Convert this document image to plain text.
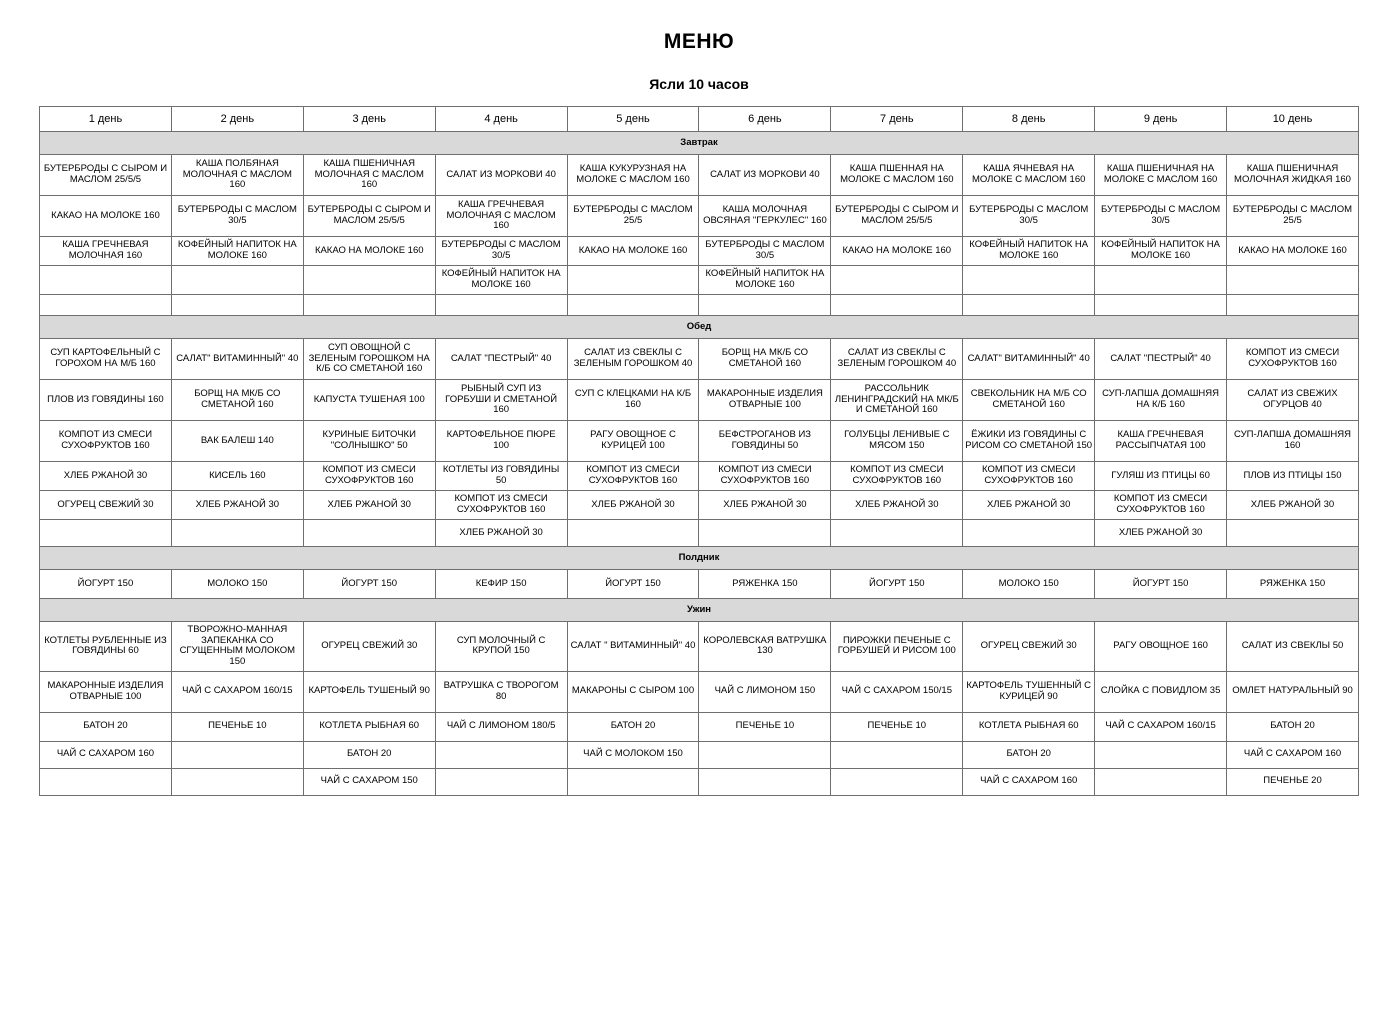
МЕНЮ
Ясли 10 часов
1 день	2 день	3 день	4 день	5 день	6 день	7 день	8 день	9 день	10 день
Завтрак									
БУТЕРБРОДЫ С СЫРОМ И МАСЛОМ 25/5/5	КАША ПОЛБЯНАЯ МОЛОЧНАЯ С МАСЛОМ 160	КАША ПШЕНИЧНАЯ МОЛОЧНАЯ С МАСЛОМ 160	САЛАТ ИЗ МОРКОВИ 40	КАША КУКУРУЗНАЯ НА МОЛОКЕ С МАСЛОМ 160	САЛАТ ИЗ МОРКОВИ 40	КАША ПШЕННАЯ НА МОЛОКЕ С МАСЛОМ 160	КАША ЯЧНЕВАЯ НА МОЛОКЕ С МАСЛОМ 160	КАША ПШЕНИЧНАЯ НА МОЛОКЕ С МАСЛОМ 160	КАША ПШЕНИЧНАЯ МОЛОЧНАЯ ЖИДКАЯ 160
КАКАО НА МОЛОКЕ 160	БУТЕРБРОДЫ С МАСЛОМ 30/5	БУТЕРБРОДЫ С СЫРОМ И МАСЛОМ 25/5/5	КАША ГРЕЧНЕВАЯ МОЛОЧНАЯ С МАСЛОМ 160	БУТЕРБРОДЫ С МАСЛОМ 25/5	КАША МОЛОЧНАЯ ОВСЯНАЯ "ГЕРКУЛЕС" 160	БУТЕРБРОДЫ С СЫРОМ И МАСЛОМ 25/5/5	БУТЕРБРОДЫ С МАСЛОМ 30/5	БУТЕРБРОДЫ С МАСЛОМ 30/5	БУТЕРБРОДЫ С МАСЛОМ 25/5
КАША ГРЕЧНЕВАЯ МОЛОЧНАЯ 160	КОФЕЙНЫЙ НАПИТОК НА МОЛОКЕ 160	КАКАО НА МОЛОКЕ 160	БУТЕРБРОДЫ С МАСЛОМ 30/5	КАКАО НА МОЛОКЕ 160	БУТЕРБРОДЫ С МАСЛОМ 30/5	КАКАО НА МОЛОКЕ 160	КОФЕЙНЫЙ НАПИТОК НА МОЛОКЕ 160	КОФЕЙНЫЙ НАПИТОК НА МОЛОКЕ 160	КАКАО НА МОЛОКЕ 160
			КОФЕЙНЫЙ НАПИТОК НА МОЛОКЕ 160		КОФЕЙНЫЙ НАПИТОК НА МОЛОКЕ 160				

Обед									
СУП КАРТОФЕЛЬНЫЙ С ГОРОХОМ НА М/Б 160	САЛАТ" ВИТАМИННЫЙ" 40	СУП ОВОЩНОЙ С ЗЕЛЕНЫМ ГОРОШКОМ НА К/Б СО СМЕТАНОЙ 160	САЛАТ "ПЕСТРЫЙ" 40	САЛАТ ИЗ СВЕКЛЫ С ЗЕЛЕНЫМ ГОРОШКОМ 40	БОРЩ НА МК/Б СО СМЕТАНОЙ 160	САЛАТ ИЗ СВЕКЛЫ С ЗЕЛЕНЫМ ГОРОШКОМ 40	САЛАТ" ВИТАМИННЫЙ" 40	САЛАТ "ПЕСТРЫЙ" 40	КОМПОТ ИЗ СМЕСИ СУХОФРУКТОВ 160
ПЛОВ ИЗ ГОВЯДИНЫ 160	БОРЩ НА МК/Б СО СМЕТАНОЙ 160	КАПУСТА ТУШЕНАЯ 100	РЫБНЫЙ СУП ИЗ ГОРБУШИ И СМЕТАНОЙ 160	СУП С КЛЕЦКАМИ НА К/Б 160	МАКАРОННЫЕ ИЗДЕЛИЯ ОТВАРНЫЕ 100	РАССОЛЬНИК ЛЕНИНГРАДСКИЙ НА МК/Б И СМЕТАНОЙ 160	СВЕКОЛЬНИК НА М/Б СО СМЕТАНОЙ 160	СУП-ЛАПША ДОМАШНЯЯ НА К/Б 160	САЛАТ ИЗ СВЕЖИХ ОГУРЦОВ 40
КОМПОТ ИЗ СМЕСИ СУХОФРУКТОВ 160	ВАК БАЛЕШ 140	КУРИНЫЕ БИТОЧКИ "СОЛНЫШКО" 50	КАРТОФЕЛЬНОЕ ПЮРЕ 100	РАГУ ОВОЩНОЕ С КУРИЦЕЙ 100	БЕФСТРОГАНОВ ИЗ ГОВЯДИНЫ 50	ГОЛУБЦЫ ЛЕНИВЫЕ С МЯСОМ 150	ЁЖИКИ ИЗ ГОВЯДИНЫ С РИСОМ СО СМЕТАНОЙ 150	КАША ГРЕЧНЕВАЯ РАССЫПЧАТАЯ 100	СУП-ЛАПША ДОМАШНЯЯ 160
ХЛЕБ РЖАНОЙ 30	КИСЕЛЬ 160	КОМПОТ ИЗ СМЕСИ СУХОФРУКТОВ 160	КОТЛЕТЫ ИЗ ГОВЯДИНЫ 50	КОМПОТ ИЗ СМЕСИ СУХОФРУКТОВ 160	КОМПОТ ИЗ СМЕСИ СУХОФРУКТОВ 160	КОМПОТ ИЗ СМЕСИ СУХОФРУКТОВ 160	КОМПОТ ИЗ СМЕСИ СУХОФРУКТОВ 160	ГУЛЯШ ИЗ ПТИЦЫ 60	ПЛОВ ИЗ ПТИЦЫ 150
ОГУРЕЦ СВЕЖИЙ 30	ХЛЕБ РЖАНОЙ 30	ХЛЕБ РЖАНОЙ 30	КОМПОТ ИЗ СМЕСИ СУХОФРУКТОВ 160	ХЛЕБ РЖАНОЙ 30	ХЛЕБ РЖАНОЙ 30	ХЛЕБ РЖАНОЙ 30	ХЛЕБ РЖАНОЙ 30	КОМПОТ ИЗ СМЕСИ СУХОФРУКТОВ 160	ХЛЕБ РЖАНОЙ 30
			ХЛЕБ РЖАНОЙ 30					ХЛЕБ РЖАНОЙ 30	
Полдник									
ЙОГУРТ 150	МОЛОКО 150	ЙОГУРТ 150	КЕФИР 150	ЙОГУРТ 150	РЯЖЕНКА 150	ЙОГУРТ 150	МОЛОКО 150	ЙОГУРТ 150	РЯЖЕНКА 150
Ужин									
КОТЛЕТЫ РУБЛЕННЫЕ ИЗ ГОВЯДИНЫ 60	ТВОРОЖНО-МАННАЯ ЗАПЕКАНКА СО СГУЩЕННЫМ МОЛОКОМ 150	ОГУРЕЦ СВЕЖИЙ 30	СУП МОЛОЧНЫЙ С КРУПОЙ 150	САЛАТ " ВИТАМИННЫЙ" 40	КОРОЛЕВСКАЯ ВАТРУШКА 130	ПИРОЖКИ ПЕЧЕНЫЕ С ГОРБУШЕЙ И РИСОМ 100	ОГУРЕЦ СВЕЖИЙ 30	РАГУ ОВОЩНОЕ 160	САЛАТ ИЗ СВЕКЛЫ 50
МАКАРОННЫЕ ИЗДЕЛИЯ ОТВАРНЫЕ 100	ЧАЙ С САХАРОМ 160/15	КАРТОФЕЛЬ ТУШЕНЫЙ 90	ВАТРУШКА С ТВОРОГОМ 80	МАКАРОНЫ С СЫРОМ 100	ЧАЙ С ЛИМОНОМ 150	ЧАЙ С САХАРОМ 150/15	КАРТОФЕЛЬ ТУШЕННЫЙ С КУРИЦЕЙ 90	СЛОЙКА С ПОВИДЛОМ 35	ОМЛЕТ НАТУРАЛЬНЫЙ 90
БАТОН 20	ПЕЧЕНЬЕ 10	КОТЛЕТА РЫБНАЯ 60	ЧАЙ С ЛИМОНОМ 180/5	БАТОН 20	ПЕЧЕНЬЕ 10	ПЕЧЕНЬЕ 10	КОТЛЕТА РЫБНАЯ 60	ЧАЙ С САХАРОМ 160/15	БАТОН 20
ЧАЙ С САХАРОМ 160		БАТОН 20		ЧАЙ С МОЛОКОМ 150			БАТОН 20		ЧАЙ С САХАРОМ 160
		ЧАЙ С САХАРОМ 150					ЧАЙ С САХАРОМ 160		ПЕЧЕНЬЕ 20
